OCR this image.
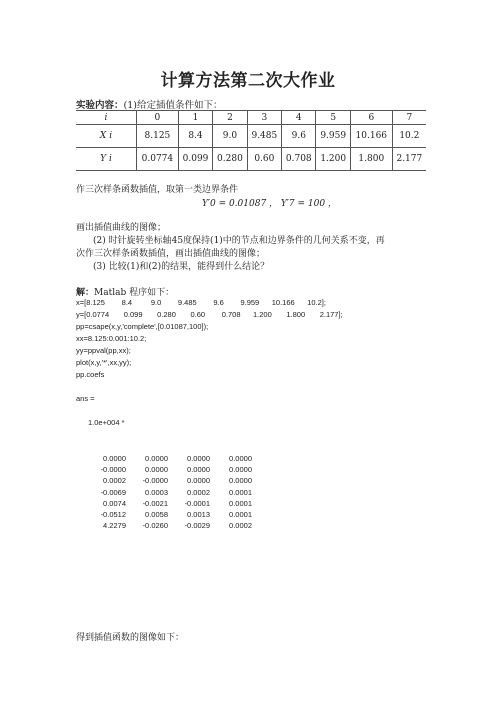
计算方法第二次大作业
实验内容：(1)给定插值条件如下：
i	0	1	2	3	4	5	6	7
X i	8.125	8.4	9.0	9.485	9.6	9.959	10.166	10.2
Y i	0.0774	0.099	0.280	0.60	0.708	1.200	1.800	2.177
作三次样条函数插值，取第一类边界条件
Y′0 = 0.01087 ， Y′7 = 100 ，
画出插值曲线的图像；
(2) 时针旋转坐标轴45度保持(1)中的节点和边界条件的几何关系不变，再
次作三次样条函数插值，画出插值曲线的图像；
(3) 比较(1)和(2)的结果，能得到什么结论？
解：Matlab 程序如下：
x=[8.125        8.4         9.0        9.485        9.6        9.959      10.166      10.2];
y=[0.0774       0.099       0.280       0.60        0.708      1.200       1.800       2.177];
pp=csape(x,y,'complete',[0.01087,100]);
xx=8.125:0.001:10.2;
yy=ppval(pp,xx);
plot(x,y,'*',xx,yy);
pp.coefs
ans =
1.0e+004 *
0.0000	0.0000	0.0000	0.0000
-0.0000	0.0000	0.0000	0.0000
0.0002	-0.0000	0.0000	0.0000
-0.0069	0.0003	0.0002	0.0001
0.0074	-0.0021	-0.0001	0.0001
-0.0512	0.0058	0.0013	0.0001
4.2279	-0.0260	-0.0029	0.0002
得到插值函数的图像如下：
